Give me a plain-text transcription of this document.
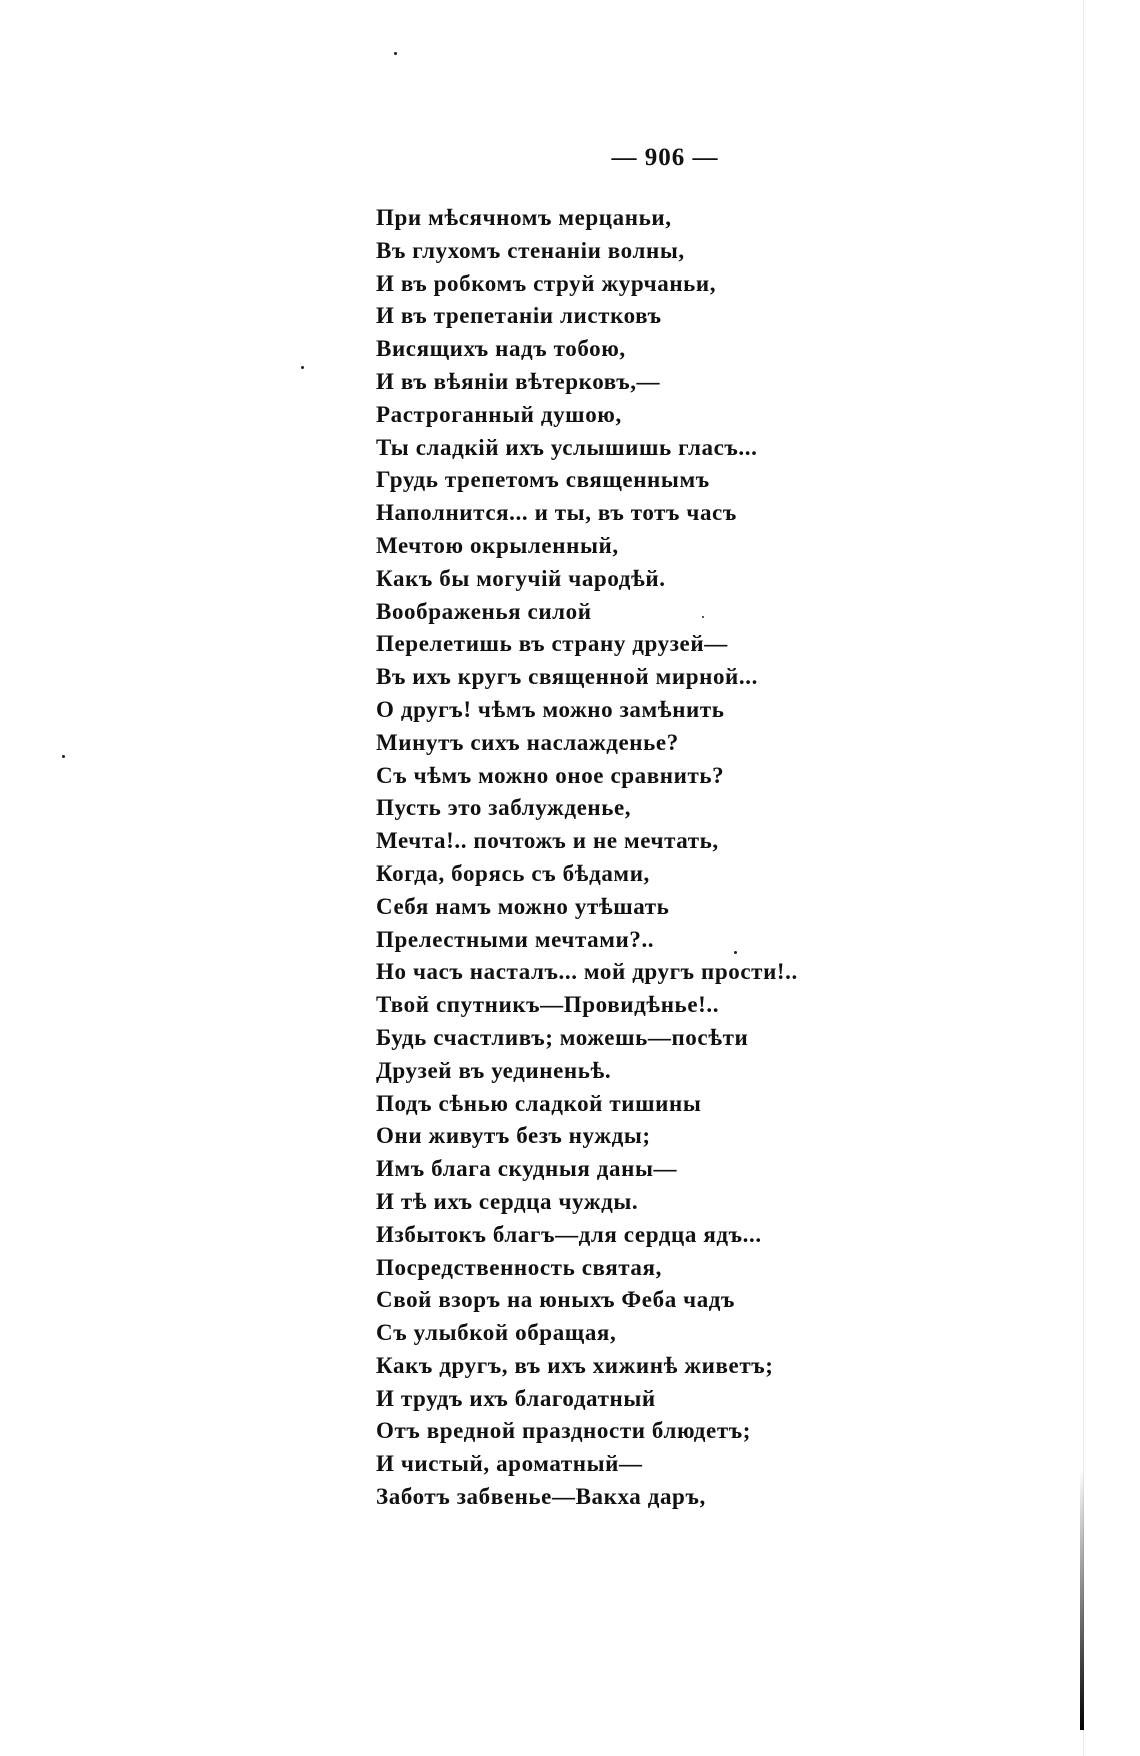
— 906 —
При мѣсячномъ мерцаньи,
Въ глухомъ стенаніи волны,
И въ робкомъ струй журчаньи,
И въ трепетаніи листковъ
Висящихъ надъ тобою,
И въ вѣяніи вѣтерковъ,—
Растроганный душою,
Ты сладкій ихъ услышишь гласъ...
Грудь трепетомъ священнымъ
Наполнится... и ты, въ тотъ часъ
Мечтою окрыленный,
Какъ бы могучій чародѣй.
Воображенья силой
Перелетишь въ страну друзей—
Въ ихъ кругъ священной мирной...
О другъ! чѣмъ можно замѣнить
Минутъ сихъ наслажденье?
Съ чѣмъ можно оное сравнить?
Пусть это заблужденье,
Мечта!.. почтожъ и не мечтать,
Когда, борясь съ бѣдами,
Себя намъ можно утѣшать
Прелестными мечтами?..
Но часъ насталъ... мой другъ прости!..
Твой спутникъ—Провидѣнье!..
Будь счастливъ; можешь—посѣти
Друзей въ уединеньѣ.
Подъ сѣнью сладкой тишины
Они живутъ безъ нужды;
Имъ блага скудныя даны—
И тѣ ихъ сердца чужды.
Избытокъ благъ—для сердца ядъ...
Посредственность святая,
Свой взоръ на юныхъ Феба чадъ
Съ улыбкой обращая,
Какъ другъ, въ ихъ хижинѣ живетъ;
И трудъ ихъ благодатный
Отъ вредной праздности блюдетъ;
И чистый, ароматный—
Заботъ забвенье—Вакха даръ,
